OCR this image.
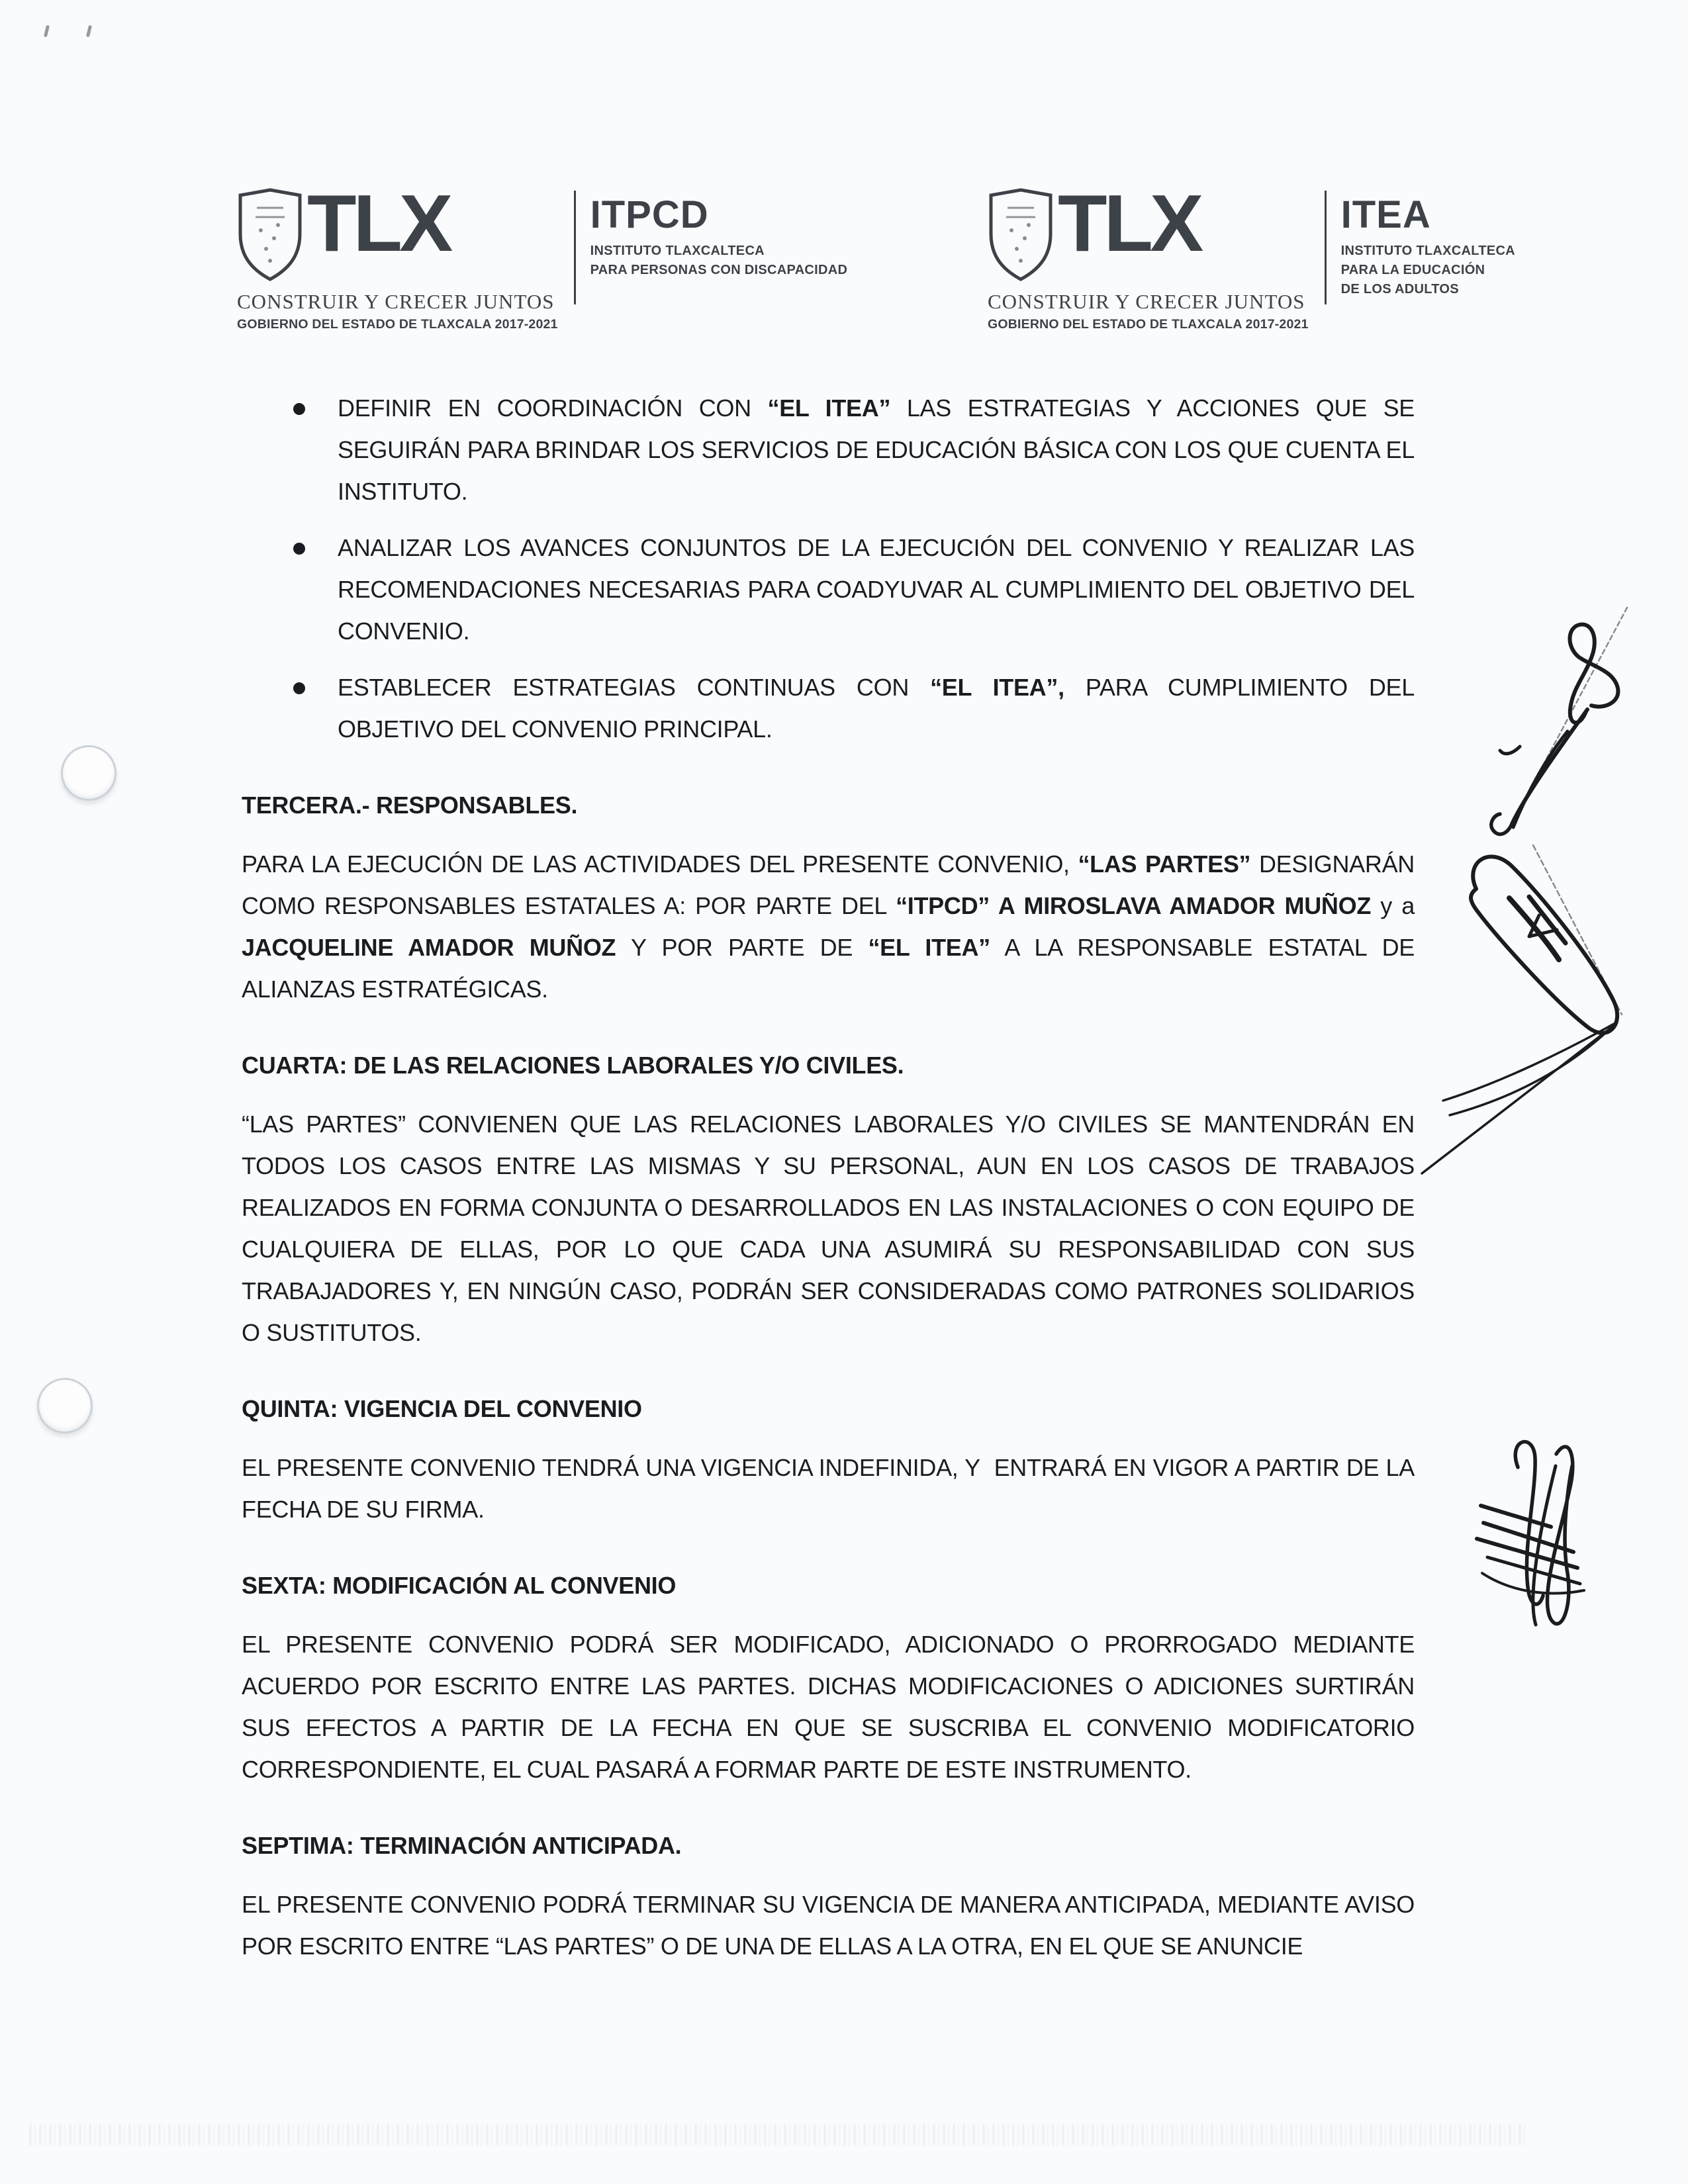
TLX
CONSTRUIR Y CRECER JUNTOS
GOBIERNO DEL ESTADO DE TLAXCALA 2017-2021
ITPCD
INSTITUTO TLAXCALTECA
PARA PERSONAS CON DISCAPACIDAD
TLX
CONSTRUIR Y CRECER JUNTOS
GOBIERNO DEL ESTADO DE TLAXCALA 2017-2021
ITEA
INSTITUTO TLAXCALTECA
PARA LA EDUCACIÓN
DE LOS ADULTOS
DEFINIR EN COORDINACIÓN CON “EL ITEA” LAS ESTRATEGIAS Y ACCIONES QUE SE SEGUIRÁN PARA BRINDAR LOS SERVICIOS DE EDUCACIÓN BÁSICA CON LOS QUE CUENTA EL INSTITUTO.
ANALIZAR LOS AVANCES CONJUNTOS DE LA EJECUCIÓN DEL CONVENIO Y REALIZAR LAS RECOMENDACIONES NECESARIAS PARA COADYUVAR AL CUMPLIMIENTO DEL OBJETIVO DEL CONVENIO.
ESTABLECER ESTRATEGIAS CONTINUAS CON “EL ITEA”, PARA CUMPLIMIENTO DEL OBJETIVO DEL CONVENIO PRINCIPAL.
TERCERA.- RESPONSABLES.

PARA LA EJECUCIÓN DE LAS ACTIVIDADES DEL PRESENTE CONVENIO, “LAS PARTES” DESIGNARÁN COMO RESPONSABLES ESTATALES A: POR PARTE DEL “ITPCD” A MIROSLAVA AMADOR MUÑOZ y a JACQUELINE AMADOR MUÑOZ Y POR PARTE DE “EL ITEA” A LA RESPONSABLE ESTATAL DE ALIANZAS ESTRATÉGICAS.

CUARTA: DE LAS RELACIONES LABORALES Y/O CIVILES.

“LAS PARTES” CONVIENEN QUE LAS RELACIONES LABORALES Y/O CIVILES SE MANTENDRÁN EN TODOS LOS CASOS ENTRE LAS MISMAS Y SU PERSONAL, AUN EN LOS CASOS DE TRABAJOS REALIZADOS EN FORMA CONJUNTA O DESARROLLADOS EN LAS INSTALACIONES O CON EQUIPO DE CUALQUIERA DE ELLAS, POR LO QUE CADA UNA ASUMIRÁ SU RESPONSABILIDAD CON SUS TRABAJADORES Y, EN NINGÚN CASO, PODRÁN SER CONSIDERADAS COMO PATRONES SOLIDARIOS O SUSTITUTOS.

QUINTA: VIGENCIA DEL CONVENIO

EL PRESENTE CONVENIO TENDRÁ UNA VIGENCIA INDEFINIDA, Y  ENTRARÁ EN VIGOR A PARTIR DE LA FECHA DE SU FIRMA.

SEXTA: MODIFICACIÓN AL CONVENIO

EL PRESENTE CONVENIO PODRÁ SER MODIFICADO, ADICIONADO O PRORROGADO MEDIANTE ACUERDO POR ESCRITO ENTRE LAS PARTES. DICHAS MODIFICACIONES O ADICIONES SURTIRÁN SUS EFECTOS A PARTIR DE LA FECHA EN QUE SE SUSCRIBA EL CONVENIO MODIFICATORIO CORRESPONDIENTE, EL CUAL PASARÁ A FORMAR PARTE DE ESTE INSTRUMENTO.

SEPTIMA: TERMINACIÓN ANTICIPADA.

EL PRESENTE CONVENIO PODRÁ TERMINAR SU VIGENCIA DE MANERA ANTICIPADA, MEDIANTE AVISO POR ESCRITO ENTRE “LAS PARTES” O DE UNA DE ELLAS A LA OTRA, EN EL QUE SE ANUNCIE
